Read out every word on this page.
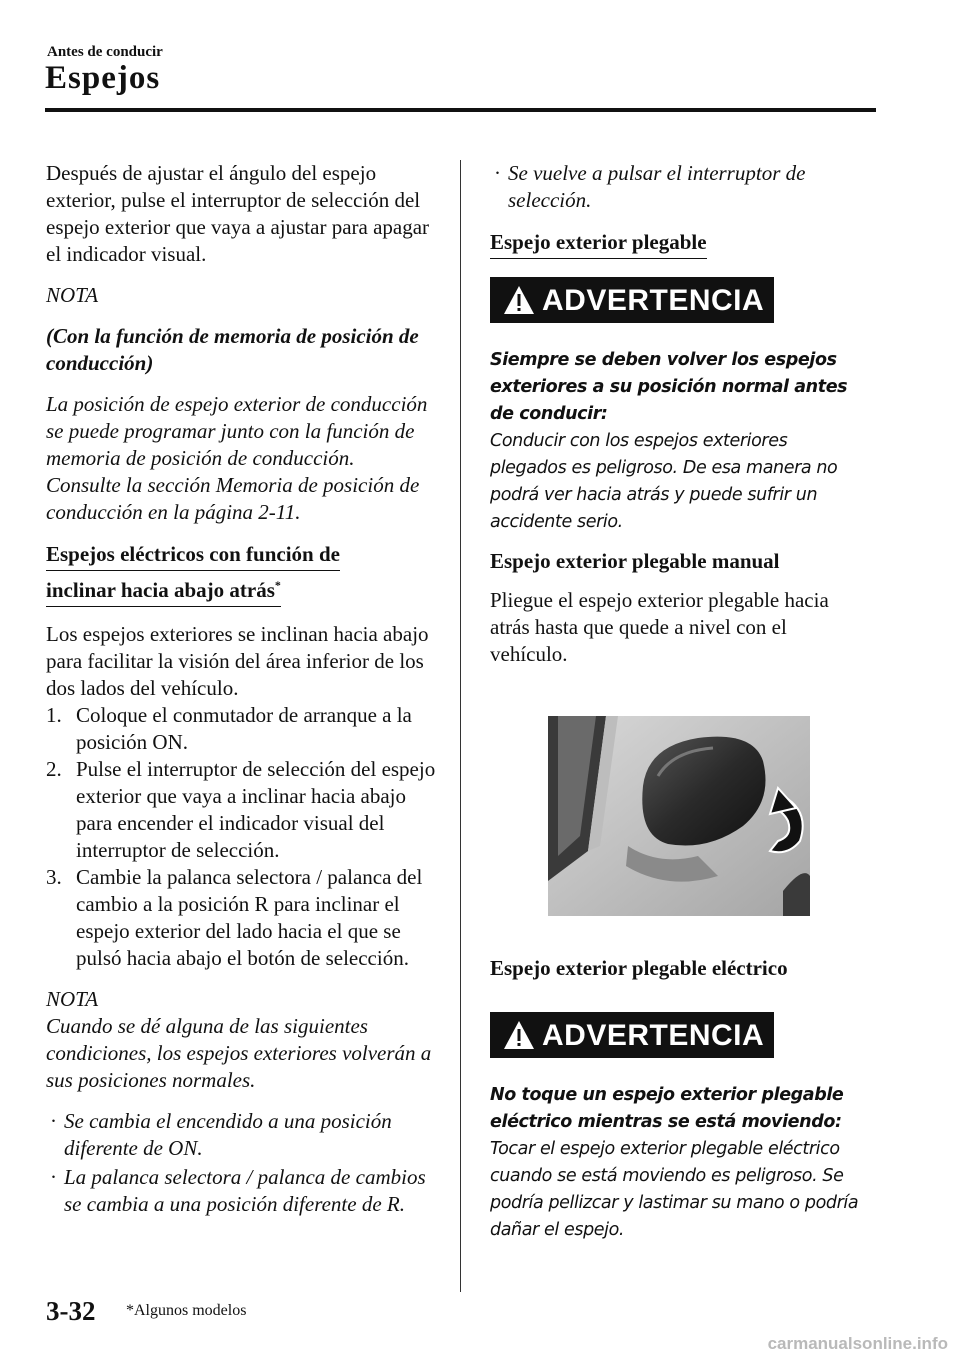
Antes de conducir
Espejos

Después de ajustar el ángulo del espejo exterior, pulse el interruptor de selección del espejo exterior que vaya a ajustar para apagar el indicador visual.

NOTA

(Con la función de memoria de posición de conducción)

La posición de espejo exterior de conducción se puede programar junto con la función de memoria de posición de conducción.
Consulte la sección Memoria de posición de conducción en la página 2-11.

Espejos eléctricos con función de
inclinar hacia abajo atrás*

Los espejos exteriores se inclinan hacia abajo para facilitar la visión del área inferior de los dos lados del vehículo.

1. Coloque el conmutador de arranque a la posición ON.
2. Pulse el interruptor de selección del espejo exterior que vaya a inclinar hacia abajo para encender el indicador visual del interruptor de selección.
3. Cambie la palanca selectora / palanca del cambio a la posición R para inclinar el espejo exterior del lado hacia el que se pulsó hacia abajo el botón de selección.

NOTA

Cuando se dé alguna de las siguientes condiciones, los espejos exteriores volverán a sus posiciones normales.

· Se cambia el encendido a una posición diferente de ON.
· La palanca selectora / palanca de cambios se cambia a una posición diferente de R.
· Se vuelve a pulsar el interruptor de selección.
Espejo exterior plegable
ADVERTENCIA
Siempre se deben volver los espejos exteriores a su posición normal antes de conducir:
Conducir con los espejos exteriores plegados es peligroso. De esa manera no podrá ver hacia atrás y puede sufrir un accidente serio.
Espejo exterior plegable manual

Pliegue el espejo exterior plegable hacia atrás hasta que quede a nivel con el vehículo.

Espejo exterior plegable eléctrico
ADVERTENCIA
No toque un espejo exterior plegable eléctrico mientras se está moviendo:
Tocar el espejo exterior plegable eléctrico cuando se está moviendo es peligroso. Se podría pellizcar y lastimar su mano o podría dañar el espejo.
3-32 *Algunos modelos
carmanualsonline.info
